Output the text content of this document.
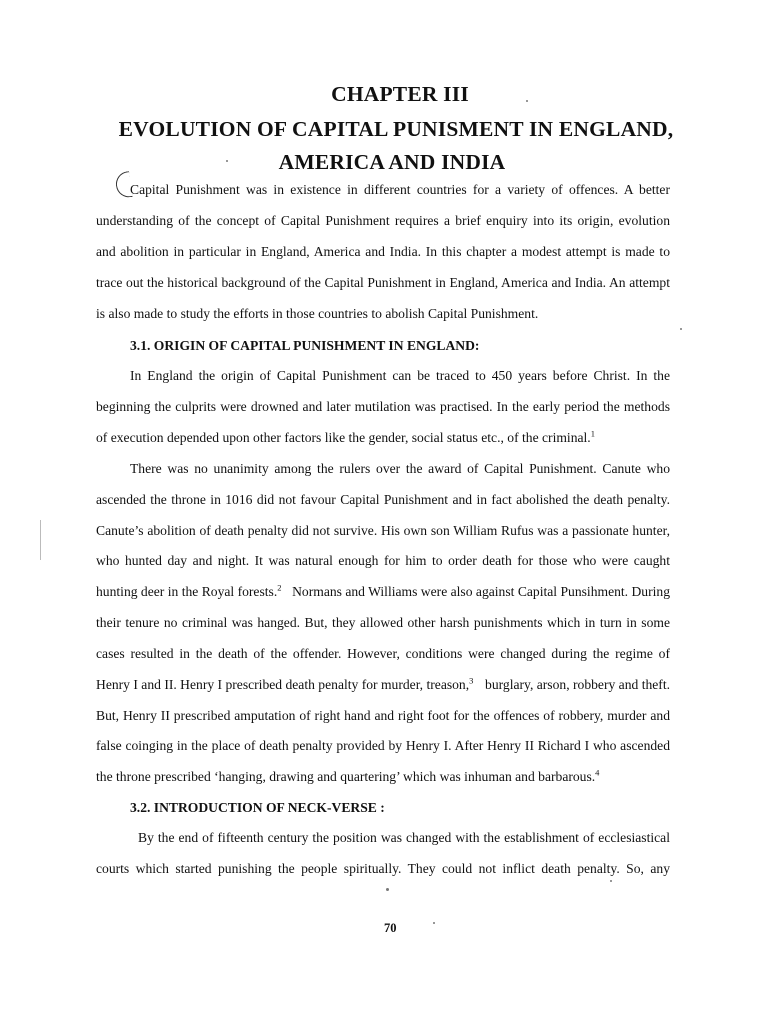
CHAPTER III
EVOLUTION OF CAPITAL PUNISMENT IN ENGLAND,
AMERICA AND INDIA
Capital Punishment was in existence in different countries for a variety of offences. A better
understanding of the concept of Capital Punishment requires a brief enquiry into its origin, evolution
and abolition in particular in England, America and India. In this chapter a modest attempt is made to
trace out the historical background of the Capital Punishment in England, America and India. An attempt
is also made to study the efforts in those countries to abolish Capital Punishment.
3.1. ORIGIN OF CAPITAL PUNISHMENT IN ENGLAND:
In England the origin of Capital Punishment can be traced to 450 years before Christ. In the
beginning the culprits were drowned and later mutilation was practised. In the early period the methods
of execution depended upon other factors like the gender, social status etc., of the criminal.$^1$
There was no unanimity among the rulers over the award of Capital Punishment. Canute who
ascended the throne in 1016 did not favour Capital Punishment and in fact abolished the death penalty.
Canute’s abolition of death penalty did not survive. His own son William Rufus was a passionate hunter,
who hunted day and night. It was natural enough for him to order death for those who were caught
hunting deer in the Royal forests.$^2$ Normans and Williams were also against Capital Punsihment. During
their tenure no criminal was hanged. But, they allowed other harsh punishments which in turn in some
cases resulted in the death of the offender. However, conditions were changed during the regime of
Henry I and II. Henry I prescribed death penalty for murder, treason,$^3$ burglary, arson, robbery and theft.
But, Henry II prescribed amputation of right hand and right foot for the offences of robbery, murder and
false coinging in the place of death penalty provided by Henry I. After Henry II Richard I who ascended
the throne prescribed ‘hanging, drawing and quartering’ which was inhuman and barbarous.$^4$
3.2. INTRODUCTION OF NECK-VERSE :
By the end of fifteenth century the position was changed with the establishment of ecclesiastical
courts which started punishing the people spiritually. They could not inflict death penalty. So, any
70
